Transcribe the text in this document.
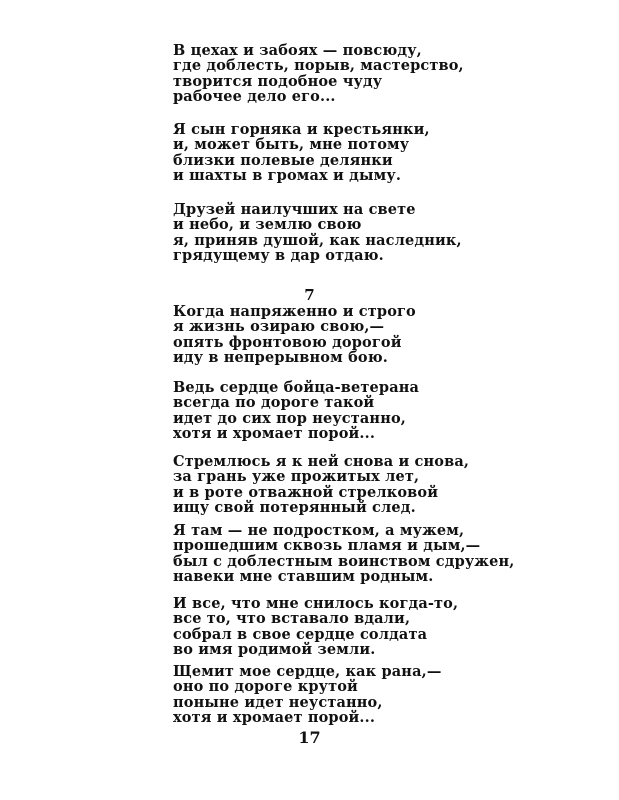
В цехах и забоях — повсюду,
где доблесть, порыв, мастерство,
творится подобное чуду
рабочее дело его...
Я сын горняка и крестьянки,
и, может быть, мне потому
близки полевые делянки
и шахты в громах и дыму.
Друзей наилучших на свете
и небо, и землю свою
я, приняв душой, как наследник,
грядущему в дар отдаю.
7
Когда напряженно и строго
я жизнь озираю свою,—
опять фронтовою дорогой
иду в непрерывном бою.
Ведь сердце бойца-ветерана
всегда по дороге такой
идет до сих пор неустанно,
хотя и хромает порой...
Стремлюсь я к ней снова и снова,
за грань уже прожитых лет,
и в роте отважной стрелковой
ищу свой потерянный след.
Я там — не подростком, а мужем,
прошедшим сквозь пламя и дым,—
был с доблестным воинством сдружен,
навеки мне ставшим родным.
И все, что мне снилось когда-то,
все то, что вставало вдали,
собрал в свое сердце солдата
во имя родимой земли.
Щемит мое сердце, как рана,—
оно по дороге крутой
поныне идет неустанно,
хотя и хромает порой...
17
